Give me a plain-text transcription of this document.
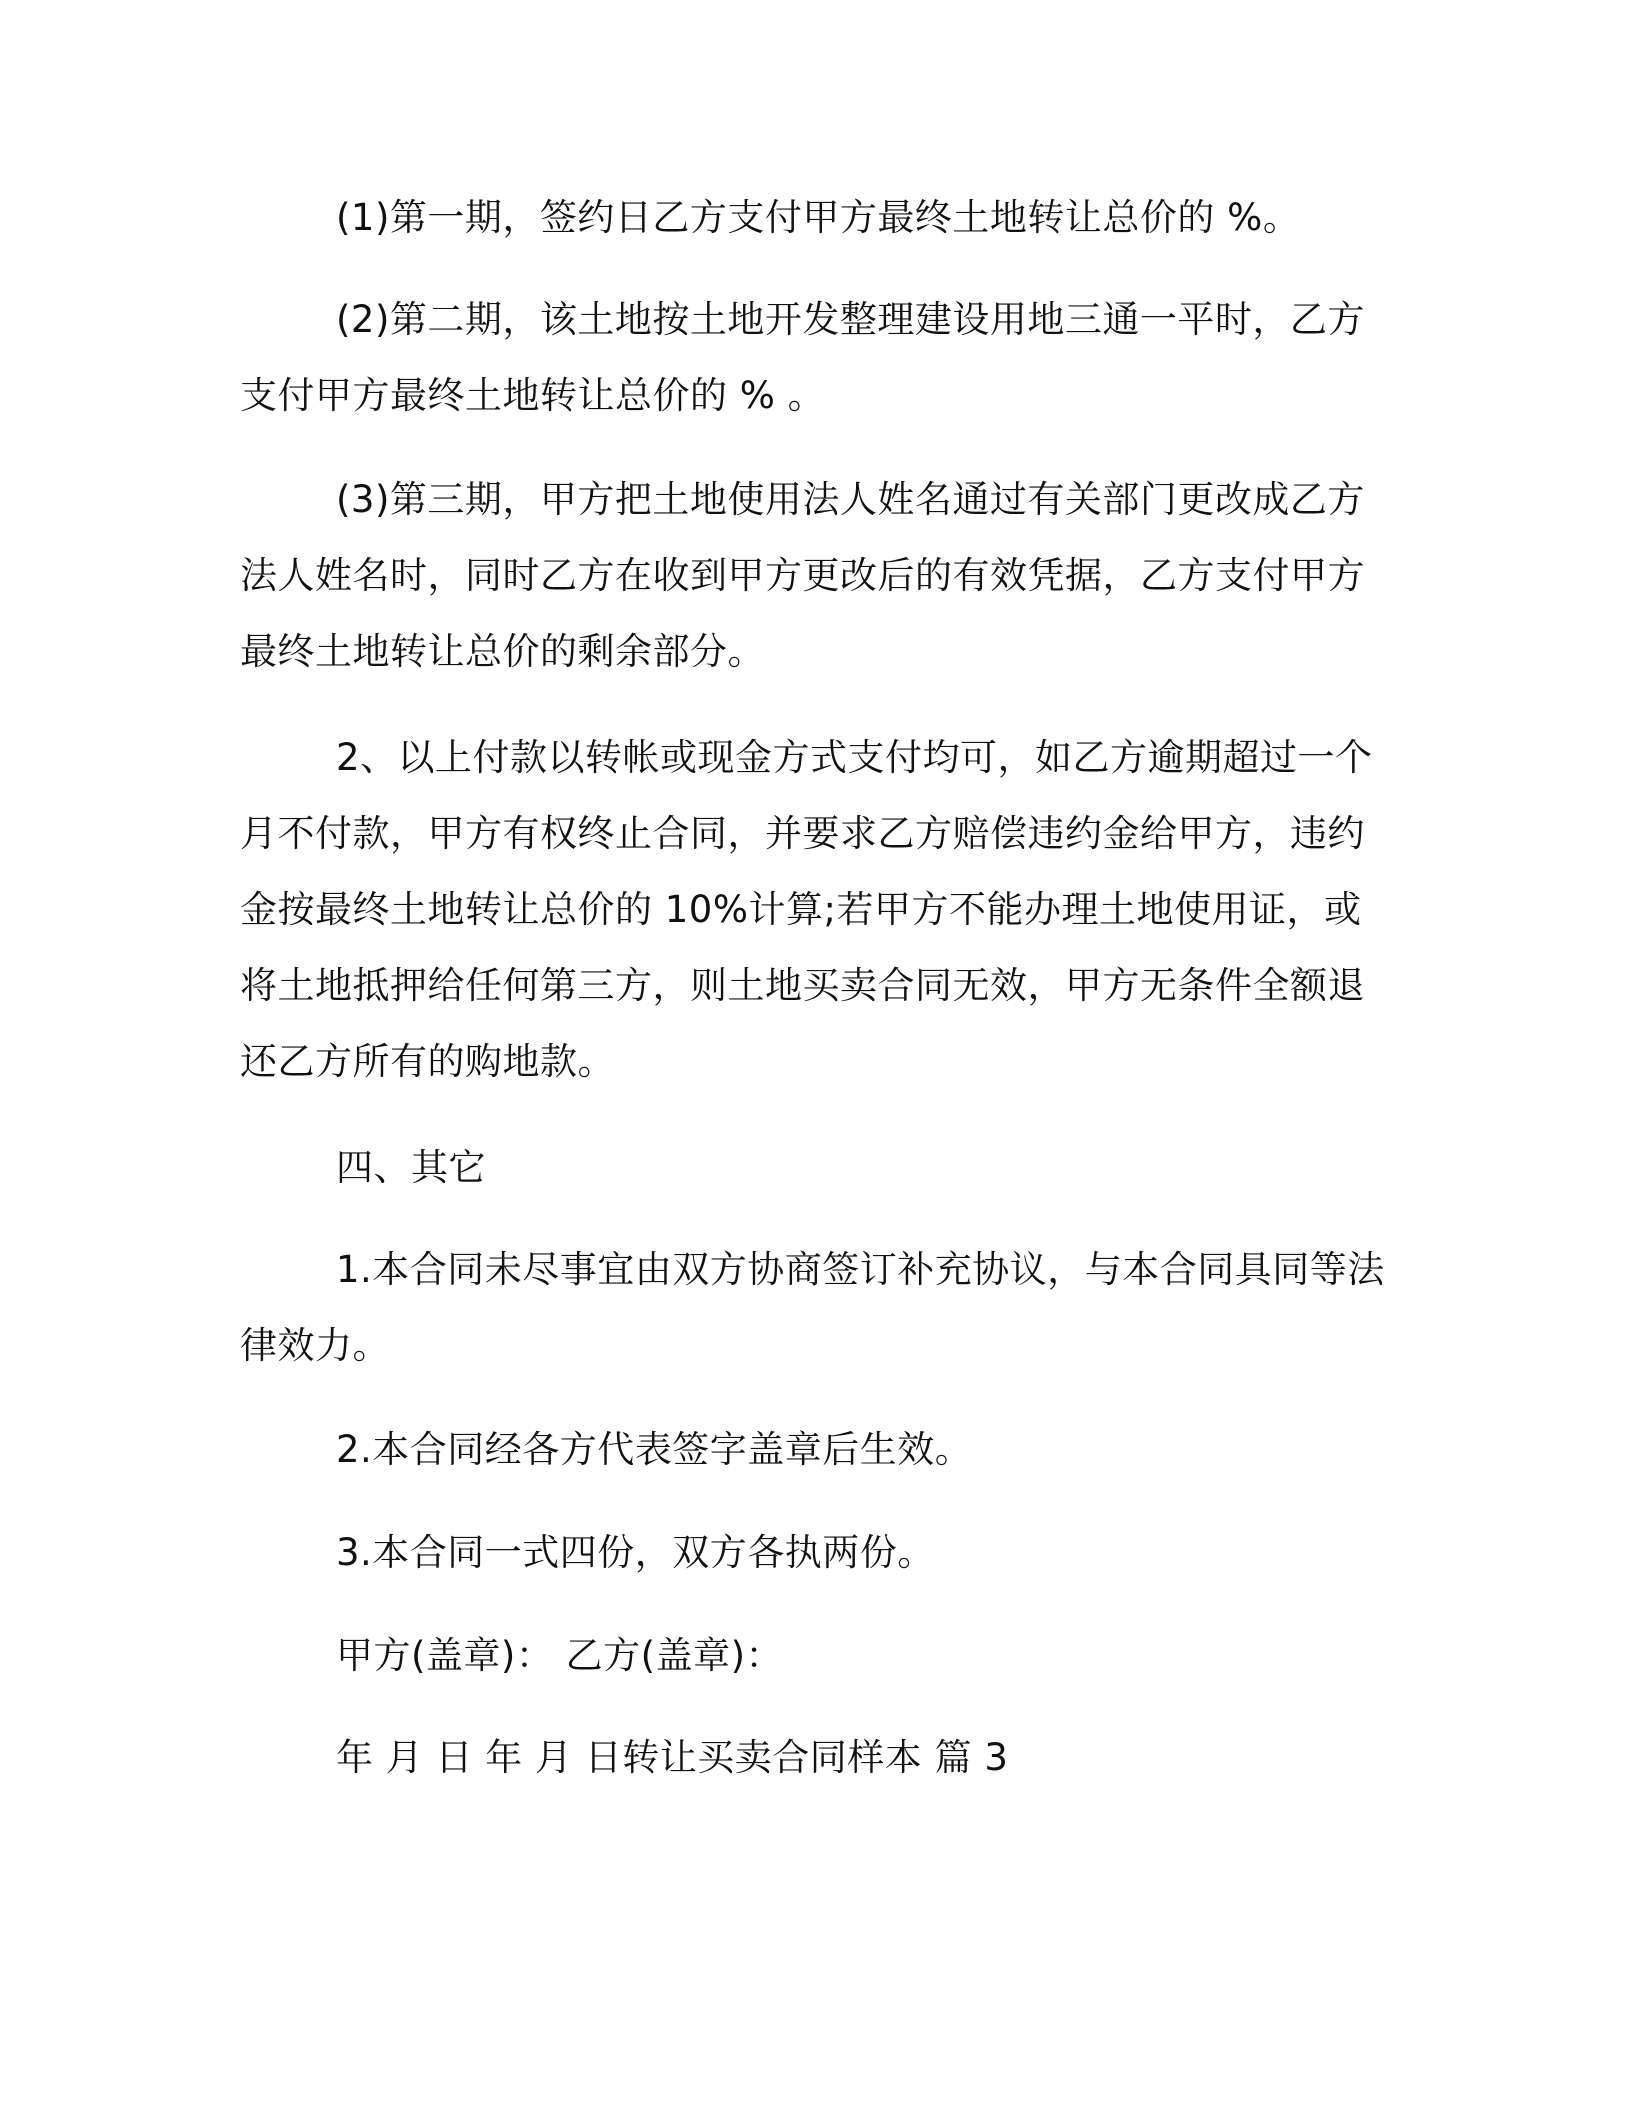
(1)第一期，签约日乙方支付甲方最终土地转让总价的 %。

(2)第二期，该土地按土地开发整理建设用地三通一平时，乙方支付甲方最终土地转让总价的 % 。

(3)第三期，甲方把土地使用法人姓名通过有关部门更改成乙方法人姓名时，同时乙方在收到甲方更改后的有效凭据，乙方支付甲方最终土地转让总价的剩余部分。

2、以上付款以转帐或现金方式支付均可，如乙方逾期超过一个月不付款，甲方有权终止合同，并要求乙方赔偿违约金给甲方，违约金按最终土地转让总价的 10%计算;若甲方不能办理土地使用证，或将土地抵押给任何第三方，则土地买卖合同无效，甲方无条件全额退还乙方所有的购地款。

四、其它

1.本合同未尽事宜由双方协商签订补充协议，与本合同具同等法律效力。

2.本合同经各方代表签字盖章后生效。

3.本合同一式四份，双方各执两份。

甲方(盖章)： 乙方(盖章)：

年 月 日 年 月 日转让买卖合同样本 篇 3
